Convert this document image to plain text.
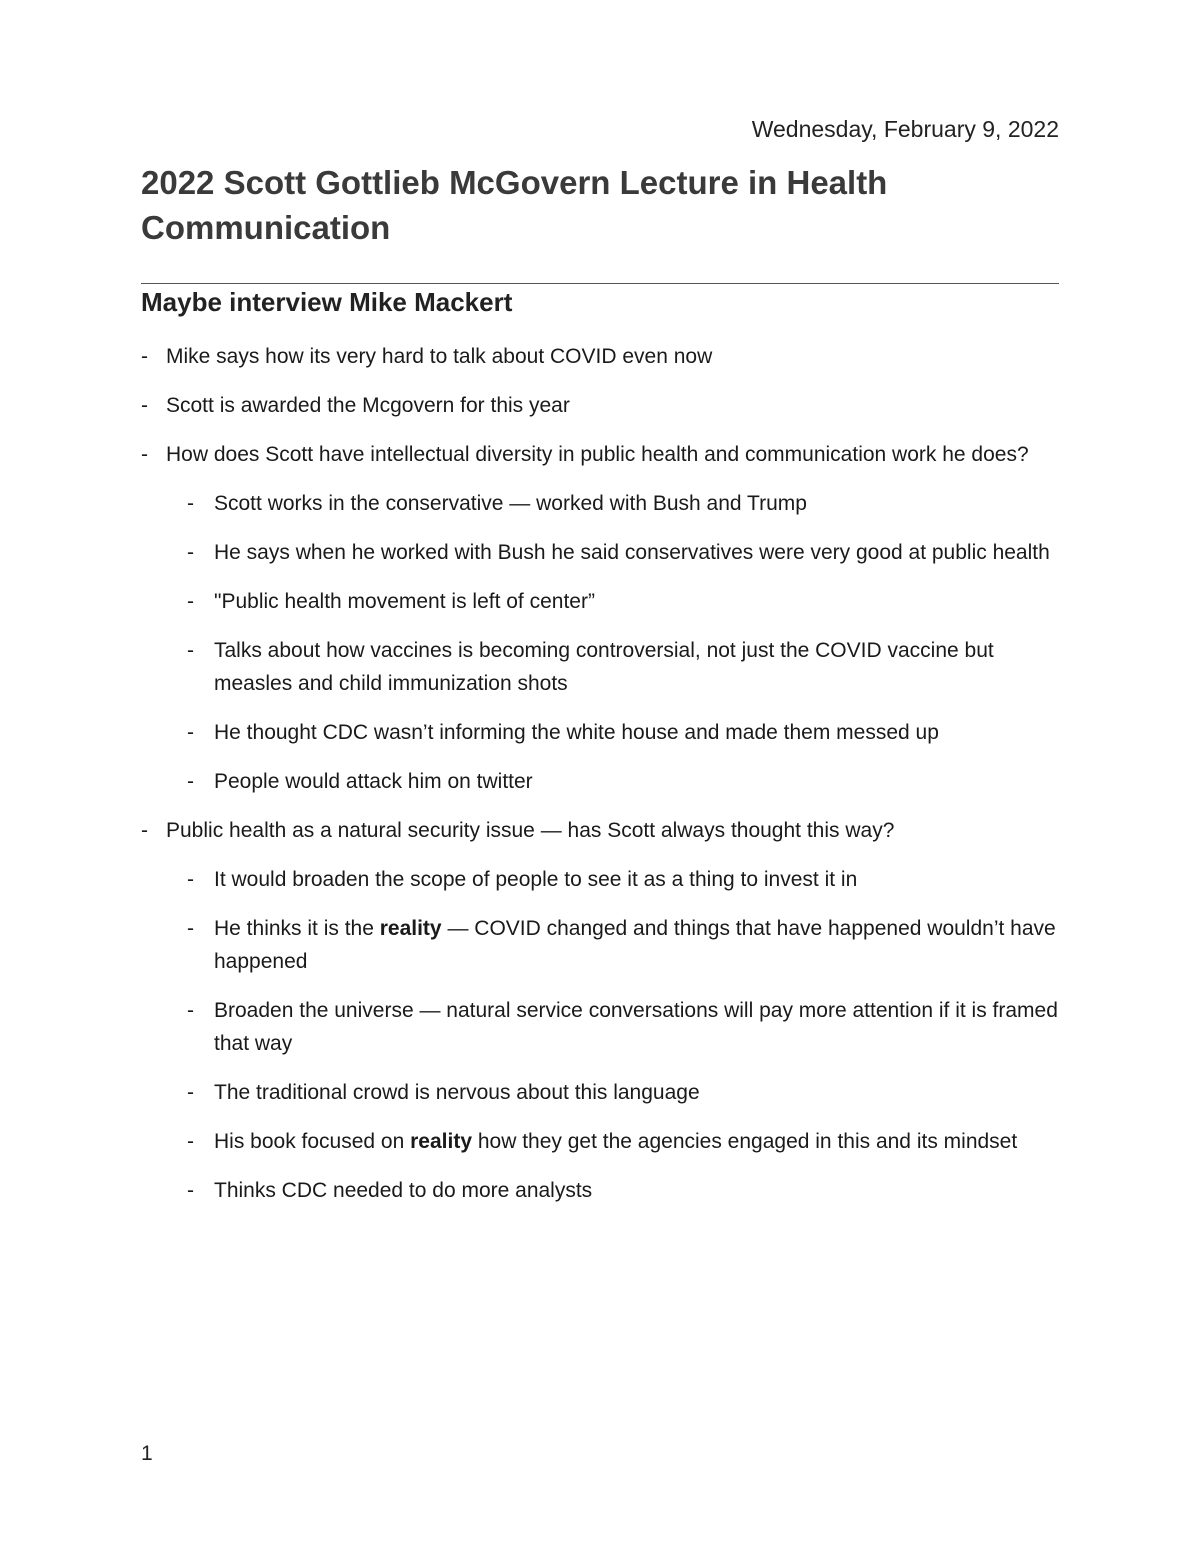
Wednesday, February 9, 2022
2022 Scott Gottlieb McGovern Lecture in Health Communication
Maybe interview Mike Mackert
- Mike says how its very hard to talk about COVID even now
- Scott is awarded the Mcgovern for this year
- How does Scott have intellectual diversity in public health and communication work he does?
- Scott works in the conservative — worked with Bush and Trump
- He says when he worked with Bush he said conservatives were very good at public health
- "Public health movement is left of center”
- Talks about how vaccines is becoming controversial, not just the COVID vaccine but measles and child immunization shots
- He thought CDC wasn’t informing the white house and made them messed up
- People would attack him on twitter
- Public health as a natural security issue — has Scott always thought this way?
- It would broaden the scope of people to see it as a thing to invest it in
- He thinks it is the reality — COVID changed and things that have happened wouldn’t have happened
- Broaden the universe — natural service conversations will pay more attention if it is framed that way
- The traditional crowd is nervous about this language
- His book focused on reality how they get the agencies engaged in this and its mindset
- Thinks CDC needed to do more analysts
1
